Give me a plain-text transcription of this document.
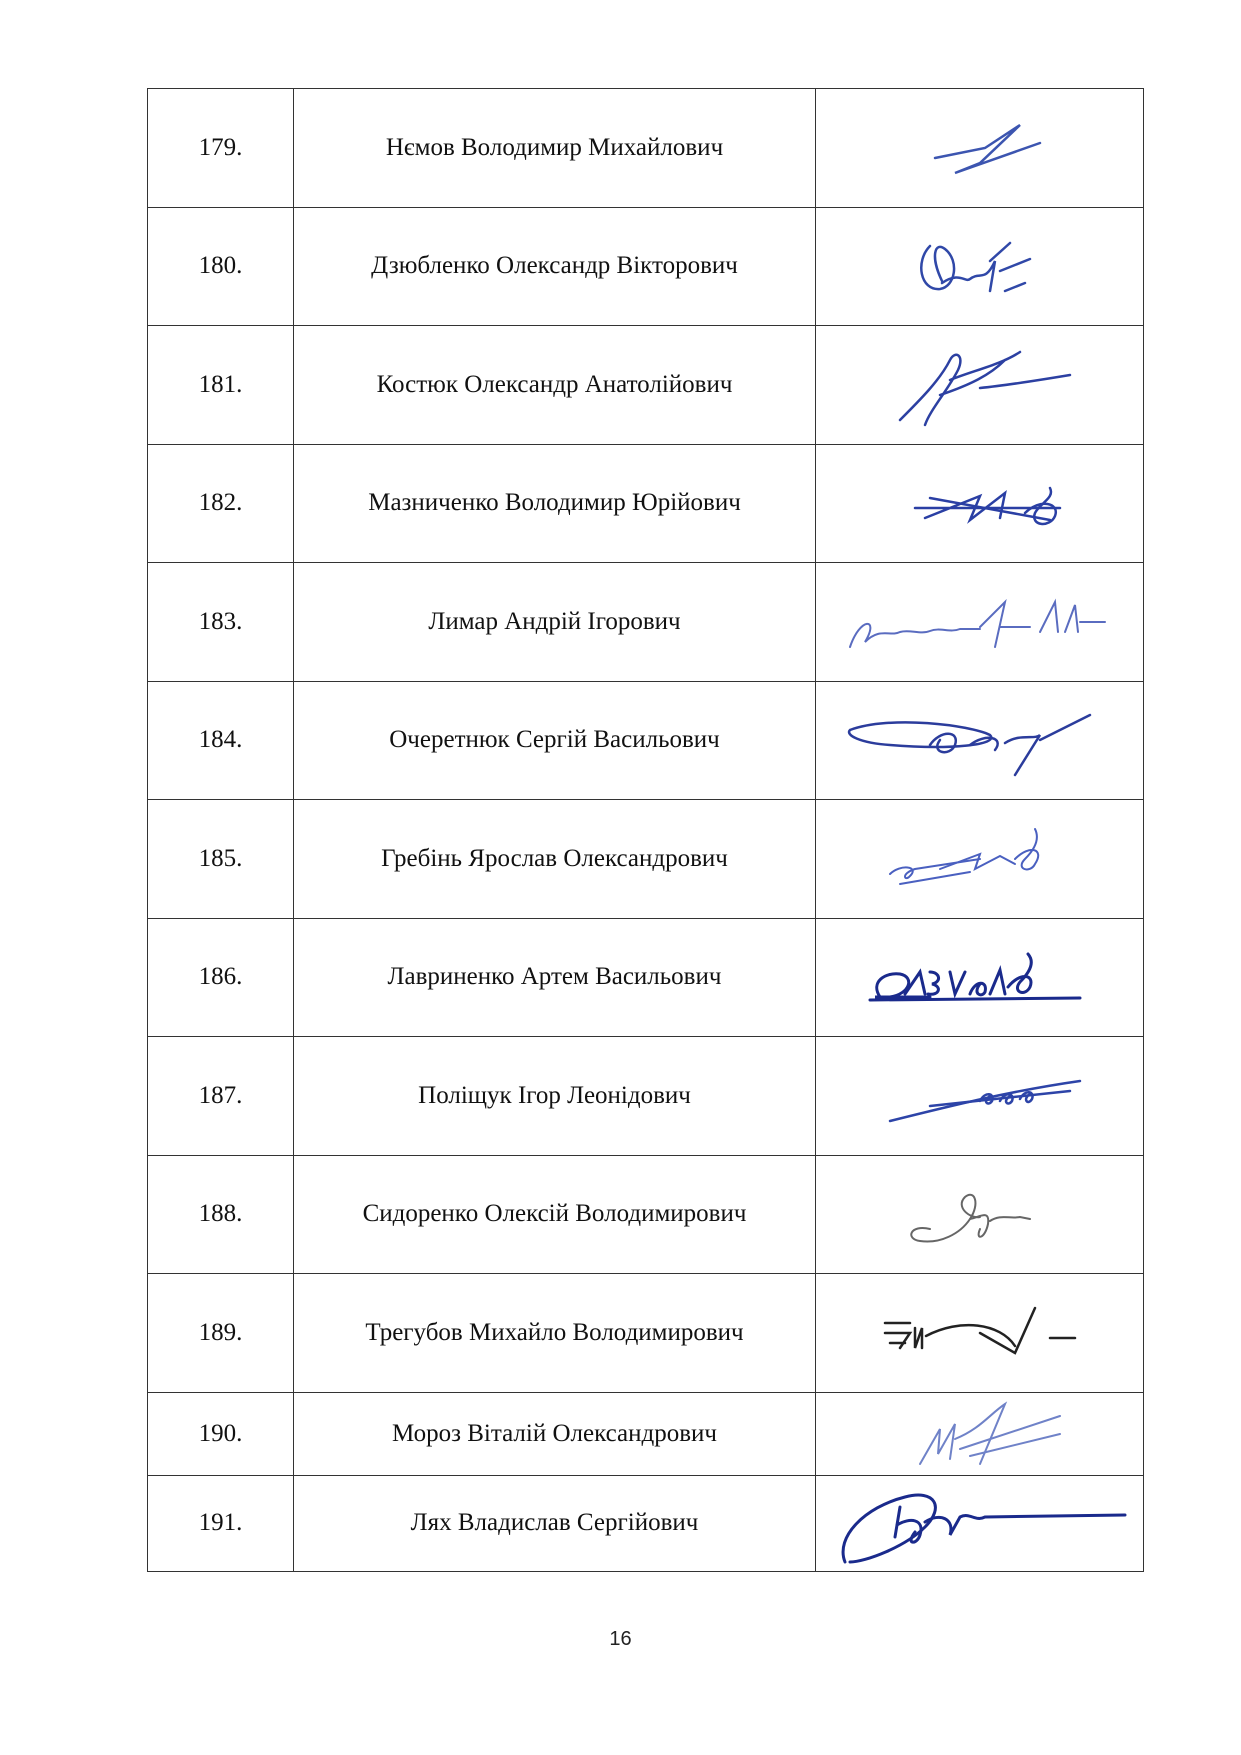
179.	Нємов Володимир Михайлович	

180.	Дзюбленко Олександр Вікторович	

181.	Костюк Олександр Анатолійович	

182.	Мазниченко Володимир Юрійович	

183.	Лимар Андрій Ігорович	

184.	Очеретнюк Сергій Васильович	

185.	Гребінь Ярослав Олександрович	

186.	Лавриненко Артем Васильович	

187.	Поліщук Ігор Леонідович	

188.	Сидоренко Олексій Володимирович	

189.	Трегубов Михайло Володимирович	

190.	Мороз Віталій Олександрович	

191.	Лях Владислав Сергійович	
16
